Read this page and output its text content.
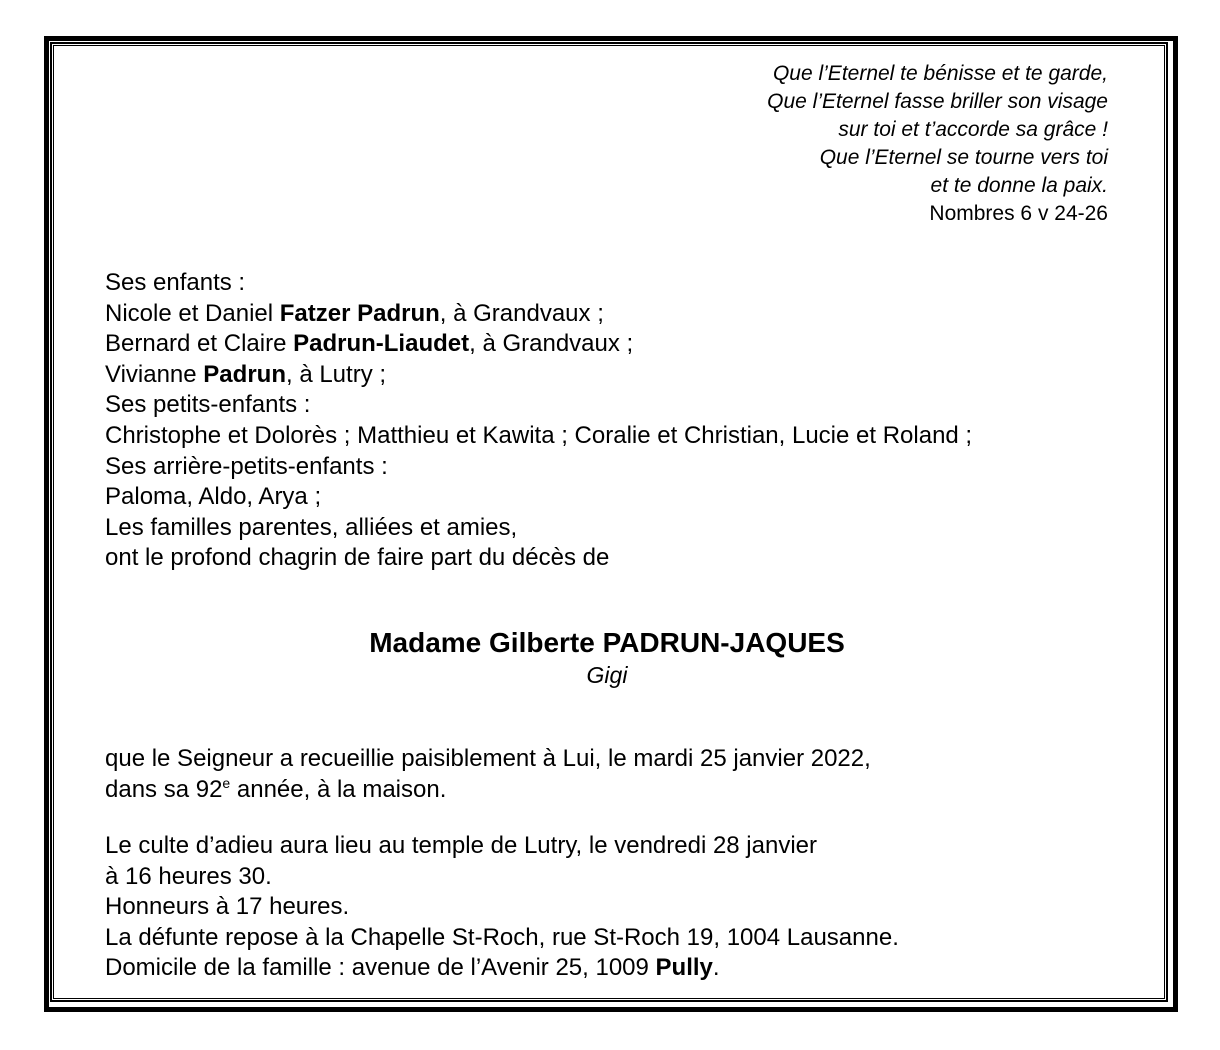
Que l’Eternel te bénisse et te garde,
Que l’Eternel fasse briller son visage
sur toi et t’accorde sa grâce !
Que l’Eternel se tourne vers toi
et te donne la paix.
Nombres 6 v 24-26
Ses enfants :
Nicole et Daniel Fatzer Padrun, à Grandvaux ;
Bernard et Claire Padrun-Liaudet, à Grandvaux ;
Vivianne Padrun, à Lutry ;
Ses petits-enfants :
Christophe et Dolorès ; Matthieu et Kawita ; Coralie et Christian, Lucie et Roland ;
Ses arrière-petits-enfants :
Paloma, Aldo, Arya ;
Les familles parentes, alliées et amies,
ont le profond chagrin de faire part du décès de
Madame Gilberte PADRUN-JAQUES
Gigi
que le Seigneur a recueillie paisiblement à Lui, le mardi 25 janvier 2022,
dans sa 92e année, à la maison.
Le culte d’adieu aura lieu au temple de Lutry, le vendredi 28 janvier
à 16 heures 30.
Honneurs à 17 heures.
La défunte repose à la Chapelle St-Roch, rue St-Roch 19, 1004 Lausanne.
Domicile de la famille : avenue de l’Avenir 25, 1009 Pully.
